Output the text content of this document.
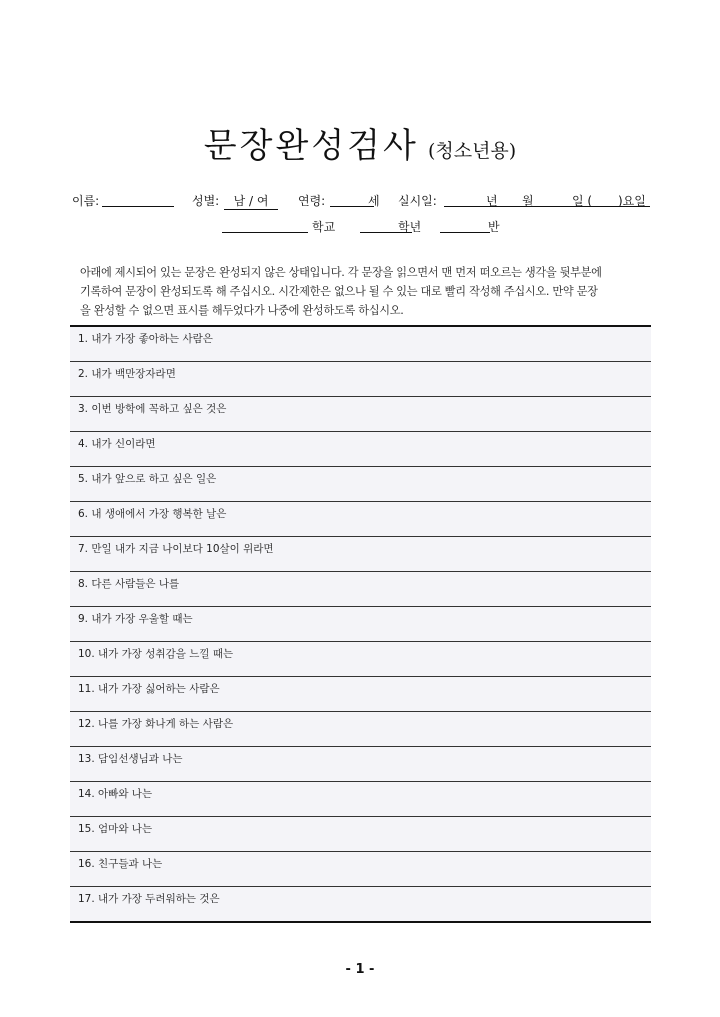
문장완성검사 (청소년용)
이름:	성별:	남 / 여	연령:	세 실시일:	년 월	일 ( )요일
학교	학년	반
아래에 제시되어 있는 문장은 완성되지 않은 상태입니다. 각 문장을 읽으면서 맨 먼저 떠오르는 생각을 뒷부분에
기록하여 문장이 완성되도록 해 주십시오. 시간제한은 없으나 될 수 있는 대로 빨리 작성해 주십시오. 만약 문장
을 완성할 수 없으면 표시를 해두었다가 나중에 완성하도록 하십시오.
1. 내가 가장 좋아하는 사람은
2. 내가 백만장자라면
3. 이번 방학에 꼭하고 싶은 것은
4. 내가 신이라면
5. 내가 앞으로 하고 싶은 일은
6. 내 생애에서 가장 행복한 날은
7. 만일 내가 지금 나이보다 10살이 위라면
8. 다른 사람들은 나를
9. 내가 가장 우울할 때는
10. 내가 가장 성취감을 느낄 때는
11. 내가 가장 싫어하는 사람은
12. 나를 가장 화나게 하는 사람은
13. 담임선생님과 나는
14. 아빠와 나는
15. 엄마와 나는
16. 친구들과 나는
17. 내가 가장 두려워하는 것은
- 1 -
